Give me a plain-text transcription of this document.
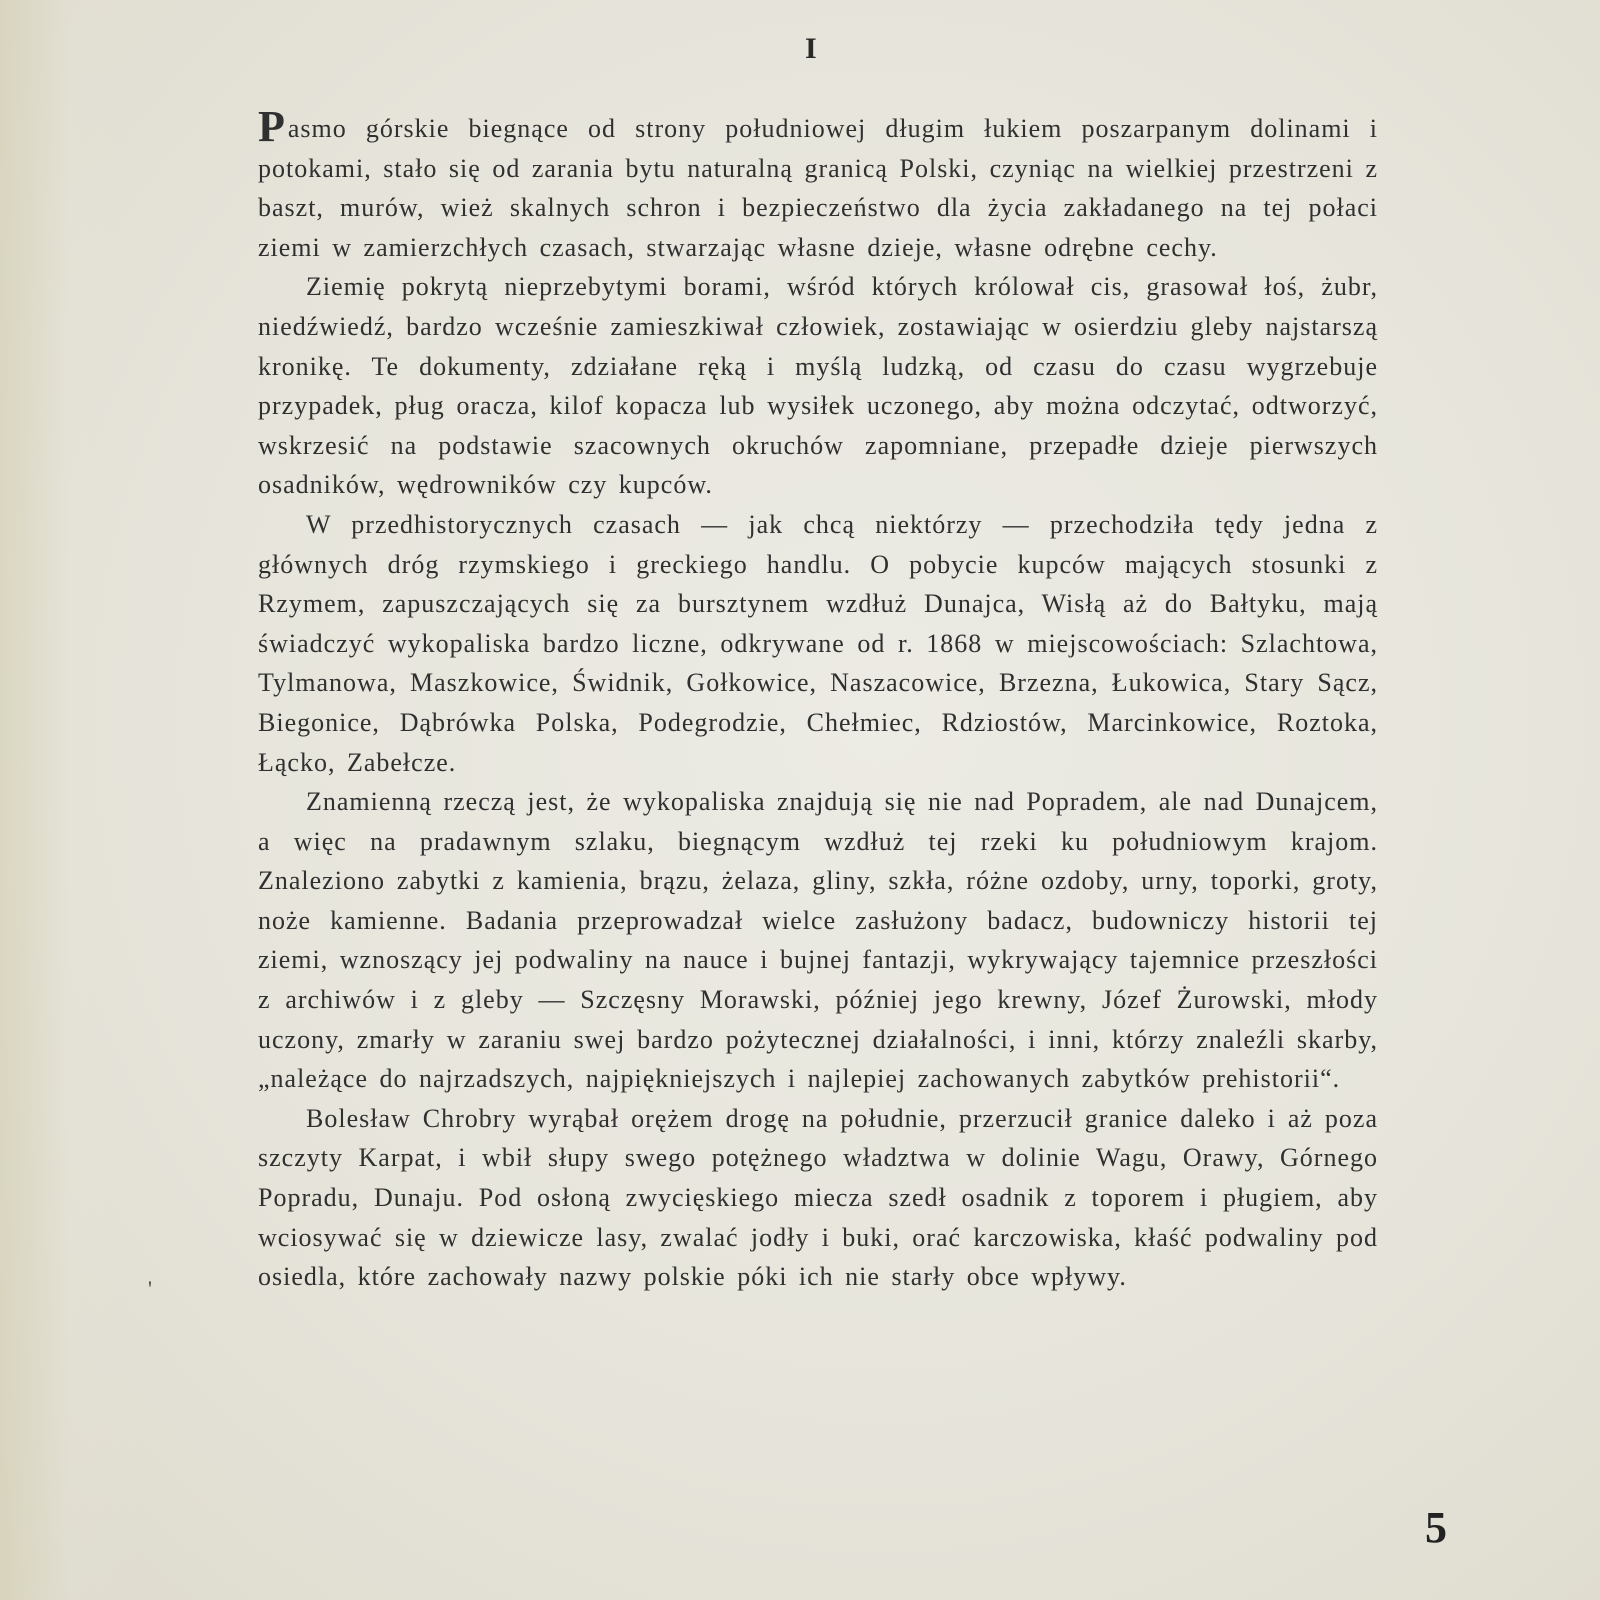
I
'

Pasmo górskie biegnące od strony południowej długim łukiem poszarpanym dolinami i potokami, stało się od zarania bytu naturalną granicą Polski, czyniąc na wielkiej przestrzeni z baszt, murów, wież skalnych schron i bezpieczeństwo dla życia zakładanego na tej połaci ziemi w zamierzchłych czasach, stwarzając własne dzieje, własne odrębne cechy.

Ziemię pokrytą nieprzebytymi borami, wśród których królował cis, grasował łoś, żubr, niedźwiedź, bardzo wcześnie zamieszkiwał człowiek, zostawiając w osierdziu gleby najstarszą kronikę. Te dokumenty, zdziałane ręką i myślą ludzką, od czasu do czasu wygrzebuje przypadek, pług oracza, kilof kopacza lub wysiłek uczonego, aby można odczytać, odtworzyć, wskrzesić na podstawie szacownych okruchów zapomniane, przepadłe dzieje pierwszych osadników, wędrowników czy kupców.

W przedhistorycznych czasach — jak chcą niektórzy — przechodziła tędy jedna z głównych dróg rzymskiego i greckiego handlu. O pobycie kupców mających stosunki z Rzymem, zapuszczających się za bursztynem wzdłuż Dunajca, Wisłą aż do Bałtyku, mają świadczyć wykopaliska bardzo liczne, odkrywane od r. 1868 w miejscowościach: Szlachtowa, Tylmanowa, Maszkowice, Świdnik, Gołkowice, Naszacowice, Brzezna, Łukowica, Stary Sącz, Biegonice, Dąbrówka Polska, Podegrodzie, Chełmiec, Rdziostów, Marcinkowice, Roztoka, Łącko, Zabełcze.

Znamienną rzeczą jest, że wykopaliska znajdują się nie nad Popradem, ale nad Dunajcem, a więc na pradawnym szlaku, biegnącym wzdłuż tej rzeki ku południowym krajom. Znaleziono zabytki z kamienia, brązu, żelaza, gliny, szkła, różne ozdoby, urny, toporki, groty, noże kamienne. Badania przeprowadzał wielce zasłużony badacz, budowniczy historii tej ziemi, wznoszący jej podwaliny na nauce i bujnej fantazji, wykrywający tajemnice przeszłości z archiwów i z gleby — Szczęsny Morawski, później jego krewny, Józef Żurowski, młody uczony, zmarły w zaraniu swej bardzo pożytecznej działalności, i inni, którzy znaleźli skarby, „należące do najrzadszych, najpiękniejszych i najlepiej zachowanych zabytków prehistorii“.

Bolesław Chrobry wyrąbał orężem drogę na południe, przerzucił granice daleko i aż poza szczyty Karpat, i wbił słupy swego potężnego władztwa w dolinie Wagu, Orawy, Górnego Popradu, Dunaju. Pod osłoną zwycięskiego miecza szedł osadnik z toporem i pługiem, aby wciosywać się w dziewicze lasy, zwalać jodły i buki, orać karczowiska, kłaść podwaliny pod osiedla, które zachowały nazwy polskie póki ich nie starły obce wpływy.

5
